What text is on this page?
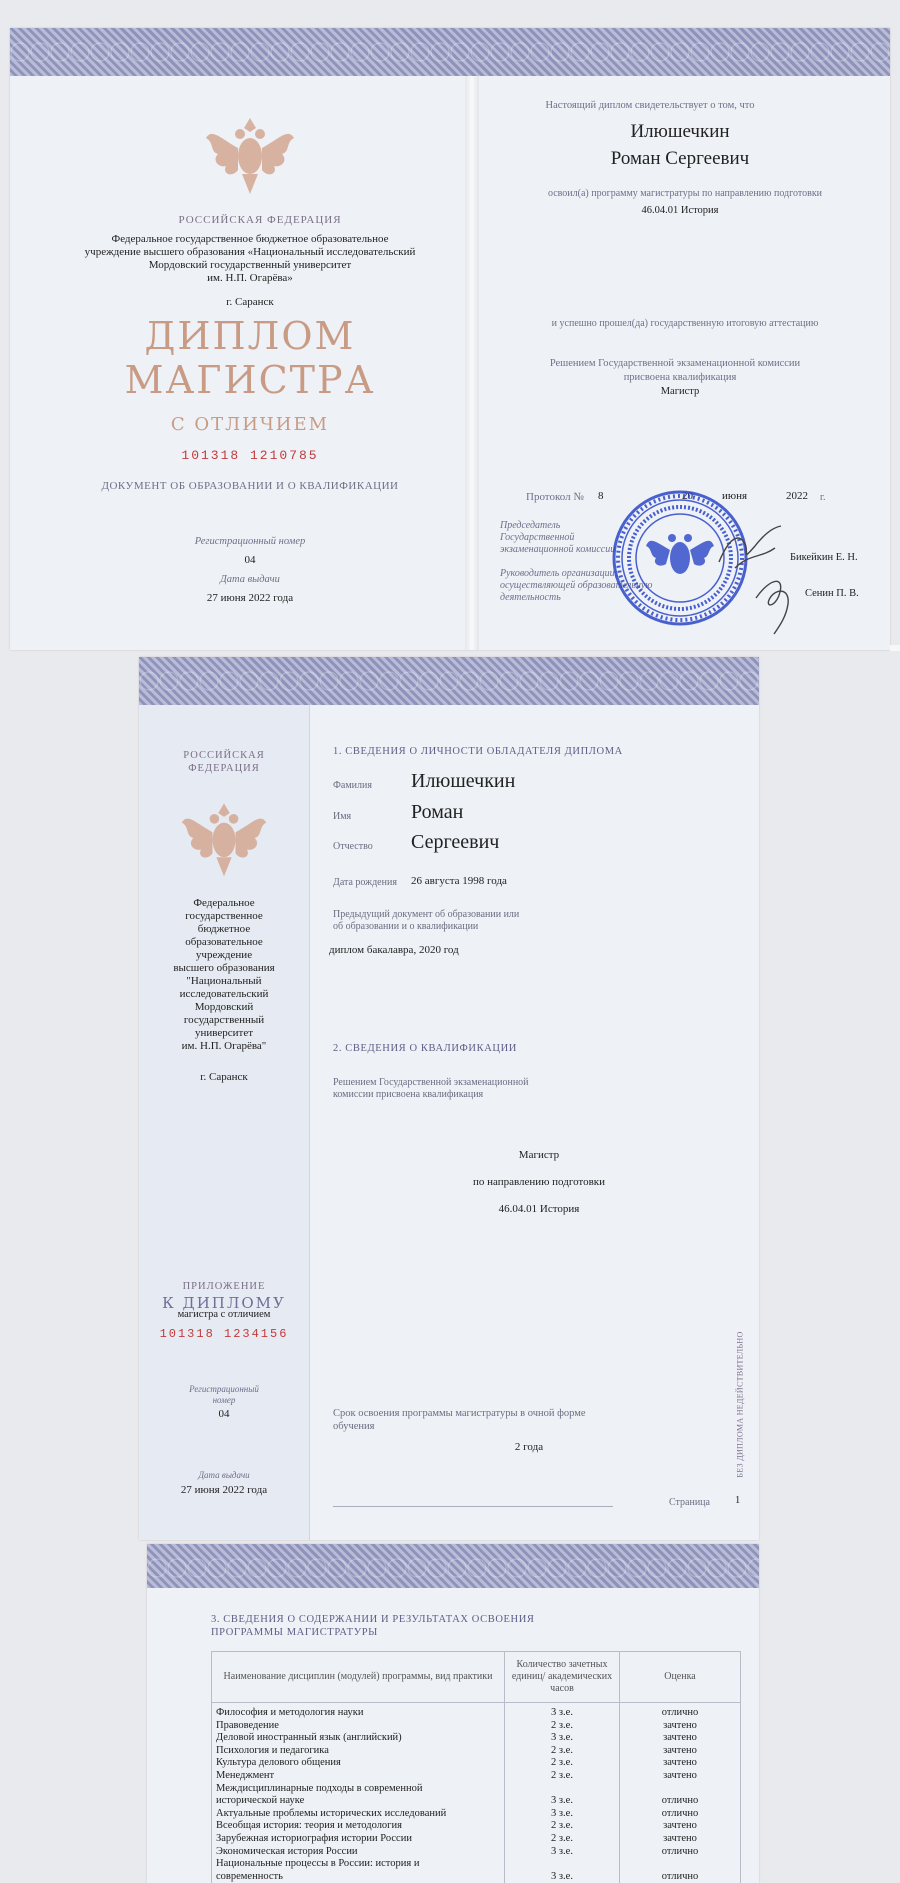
РОССИЙСКАЯ ФЕДЕРАЦИЯ
Федеральное государственное бюджетное образовательное
учреждение высшего образования «Национальный исследовательский
Мордовский государственный университет
им. Н.П. Огарёва»
г. Саранск
ДИПЛОМ
МАГИСТРА
С ОТЛИЧИЕМ
101318 1210785
ДОКУМЕНТ ОБ ОБРАЗОВАНИИ И О КВАЛИФИКАЦИИ
Регистрационный номер
04
Дата выдачи
27 июня 2022 года
Настоящий диплом свидетельствует о том, что
Илюшечкин
Роман Сергеевич
освоил(а) программу магистратуры по направлению подготовки
46.04.01 История
и успешно прошел(да) государственную итоговую аттестацию
Решением Государственной экзаменационной комиссии
присвоена квалификация
Магистр
Протокол № 8	20	июня	2022 г.
Председатель
Государственной
экзаменационной комиссии
Бикейкин Е. Н.
Руководитель организации,
осуществляющей образовательную
деятельность	Сенин П. В.
РОССИЙСКАЯ
ФЕДЕРАЦИЯ
Федеральное
государственное
бюджетное
образовательное
учреждение
высшего образования
"Национальный
исследовательский
Мордовский
государственный
университет
им. Н.П. Огарёва"
г. Саранск
ПРИЛОЖЕНИЕ
К ДИПЛОМУ
магистра с отличием
101318 1234156
Регистрационный
номер
04
Дата выдачи
27 июня 2022 года
1. СВЕДЕНИЯ О ЛИЧНОСТИ ОБЛАДАТЕЛЯ ДИПЛОМА
Фамилия Илюшечкин
Имя	Роман
Отчество Сергеевич
Дата рождения 26 августа 1998 года
Предыдущий документ об образовании или
об образовании и о квалификации
диплом бакалавра, 2020 год
2. СВЕДЕНИЯ О КВАЛИФИКАЦИИ
Решением Государственной экзаменационной
комиссии присвоена квалификация
Магистр
по направлению подготовки
46.04.01 История
Срок освоения программы магистратуры в очной форме
обучения
2 года
Страница 1
БЕЗ ДИПЛОМА НЕДЕЙСТВИТЕЛЬНО
3. СВЕДЕНИЯ О СОДЕРЖАНИИ И РЕЗУЛЬТАТАХ ОСВОЕНИЯ
ПРОГРАММЫ МАГИСТРАТУРЫ
Наименование дисциплин (модулей) программы, вид практики	Количество зачетных единиц/ академических часов	Оценка
Философия и методология науки	3 з.е.	отлично
Правоведение	2 з.е.	зачтено
Деловой иностранный язык (английский)	3 з.е.	зачтено
Психология и педагогика	2 з.е.	зачтено
Культура делового общения	2 з.е.	зачтено
Менеджмент	2 з.е.	зачтено
Междисциплинарные подходы в современной		
исторической науке	3 з.е.	отлично
Актуальные проблемы исторических исследований	3 з.е.	отлично
Всеобщая история: теория и методология	2 з.е.	зачтено
Зарубежная историография истории России	2 з.е.	зачтено
Экономическая история России	3 з.е.	отлично
Национальные процессы в России: история и		
современность	3 з.е.	отлично
